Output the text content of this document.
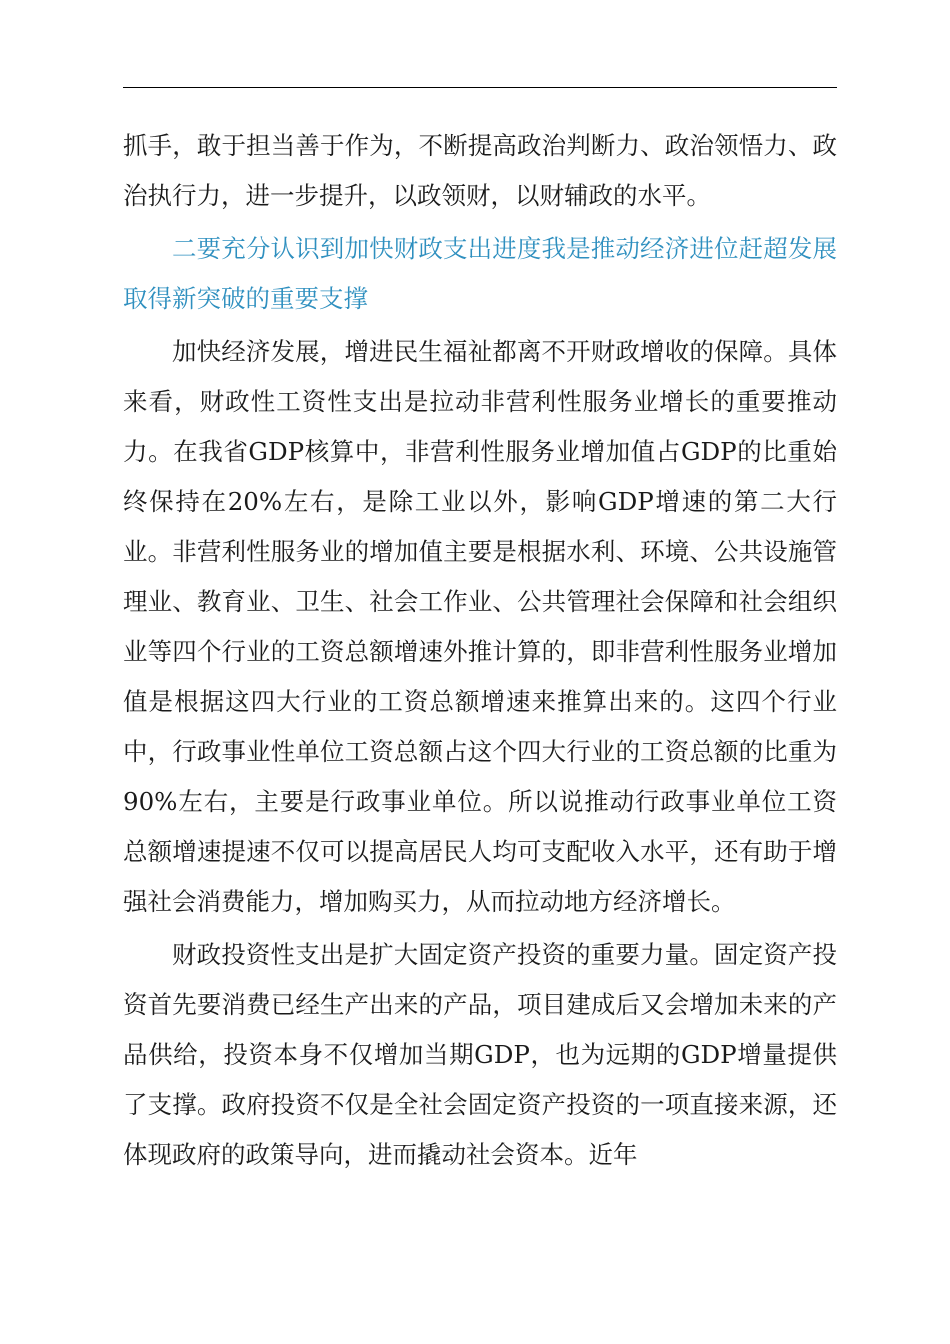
抓手，敢于担当善于作为，不断提高政治判断力、政治领悟力、政治执行力，进一步提升，以政领财，以财辅政的水平。

二要充分认识到加快财政支出进度我是推动经济进位赶超发展取得新突破的重要支撑

加快经济发展，增进民生福祉都离不开财政增收的保障。具体来看，财政性工资性支出是拉动非营利性服务业增长的重要推动力。在我省GDP核算中，非营利性服务业增加值占GDP的比重始终保持在20%左右，是除工业以外，影响GDP增速的第二大行业。非营利性服务业的增加值主要是根据水利、环境、公共设施管理业、教育业、卫生、社会工作业、公共管理社会保障和社会组织业等四个行业的工资总额增速外推计算的，即非营利性服务业增加值是根据这四大行业的工资总额增速来推算出来的。这四个行业中，行政事业性单位工资总额占这个四大行业的工资总额的比重为90%左右，主要是行政事业单位。所以说推动行政事业单位工资总额增速提速不仅可以提高居民人均可支配收入水平，还有助于增强社会消费能力，增加购买力，从而拉动地方经济增长。

财政投资性支出是扩大固定资产投资的重要力量。固定资产投资首先要消费已经生产出来的产品，项目建成后又会增加未来的产品供给，投资本身不仅增加当期GDP，也为远期的GDP增量提供了支撑。政府投资不仅是全社会固定资产投资的一项直接来源，还体现政府的政策导向，进而撬动社会资本。近年
